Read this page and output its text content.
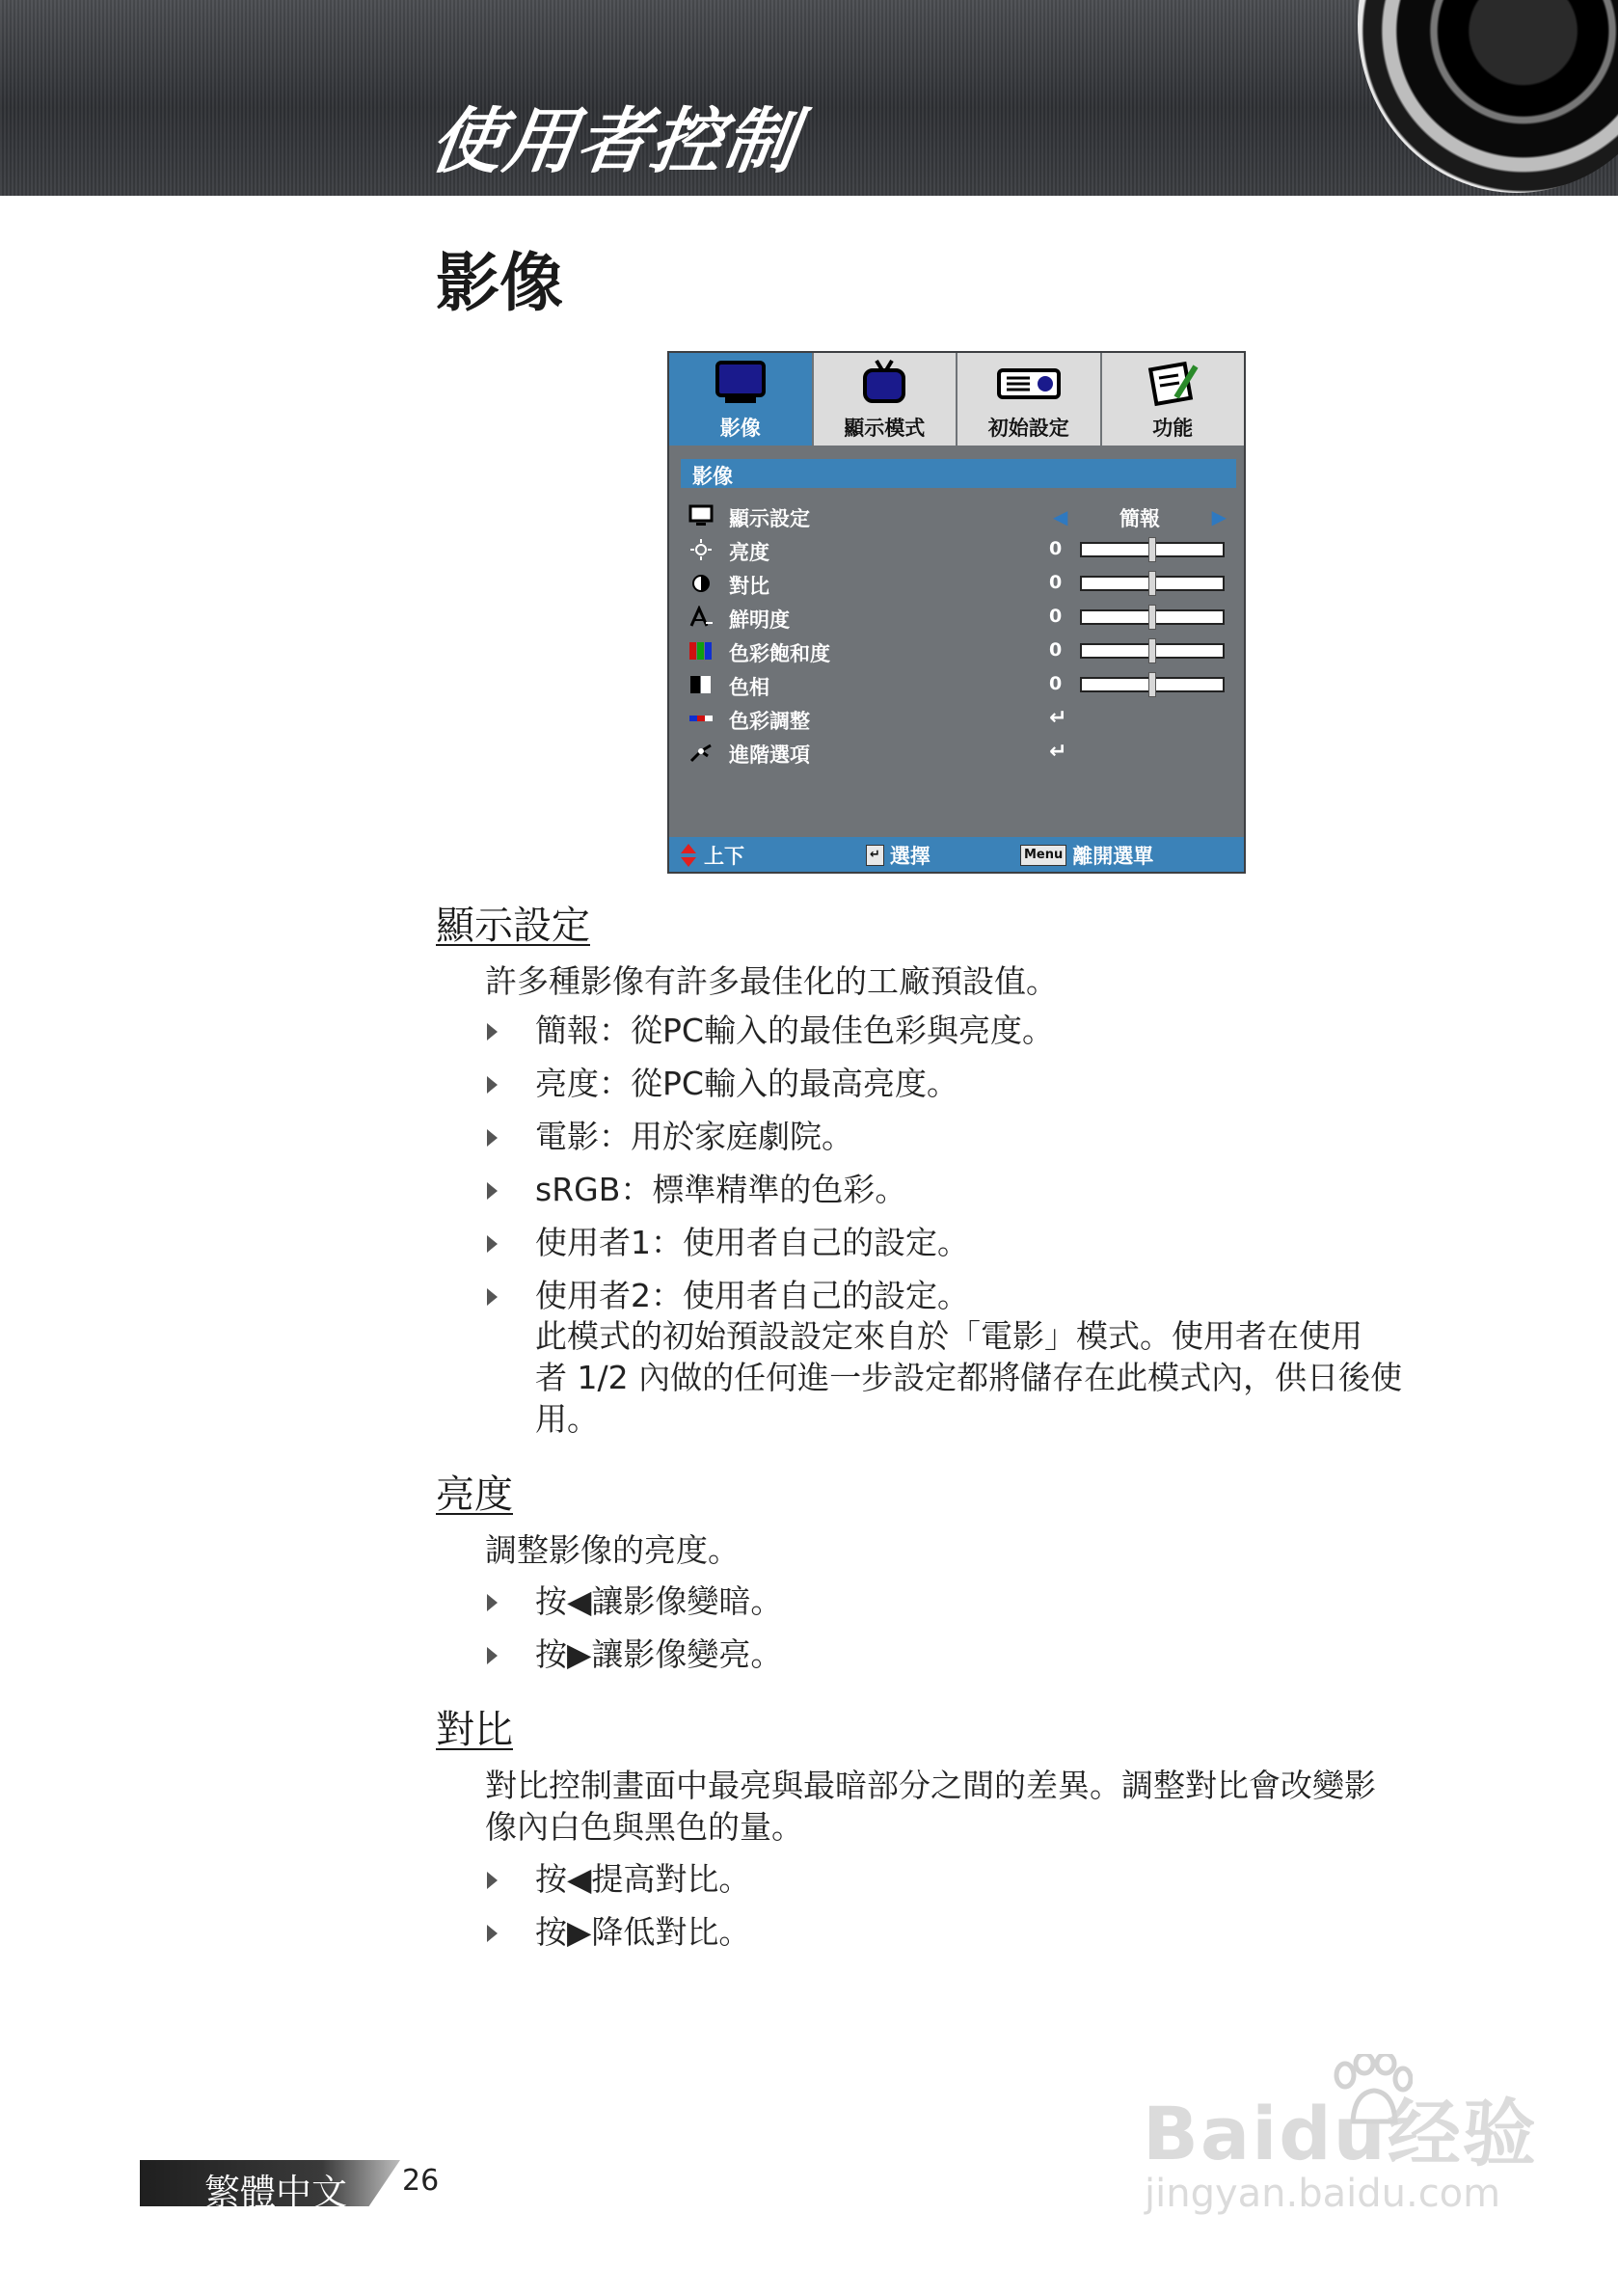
使用者控制
影像
影像	顯示模式	初始設定	功能
影像
顯示設定	◀	簡報	▶
亮度	0
對比	0
鮮明度	0
色彩飽和度	0
色相	0
色彩調整	↵
進階選項	↵
上下	↵ 選擇	Menu 離開選單
顯示設定
許多種影像有許多最佳化的工廠預設值。
簡報：從PC輸入的最佳色彩與亮度。
亮度：從PC輸入的最高亮度。
電影：用於家庭劇院。
sRGB：標準精準的色彩。
使用者1：使用者自己的設定。
使用者2：使用者自己的設定。
此模式的初始預設設定來自於「電影」模式。使用者在使用
者 1/2 內做的任何進一步設定都將儲存在此模式內，供日後使
用。
亮度
調整影像的亮度。
按◀讓影像變暗。
按▶讓影像變亮。
對比
對比控制畫面中最亮與最暗部分之間的差異。調整對比會改變影
像內白色與黑色的量。
按◀提高對比。
按▶降低對比。
繁體中文 26
Baidu经验
jingyan.baidu.com
